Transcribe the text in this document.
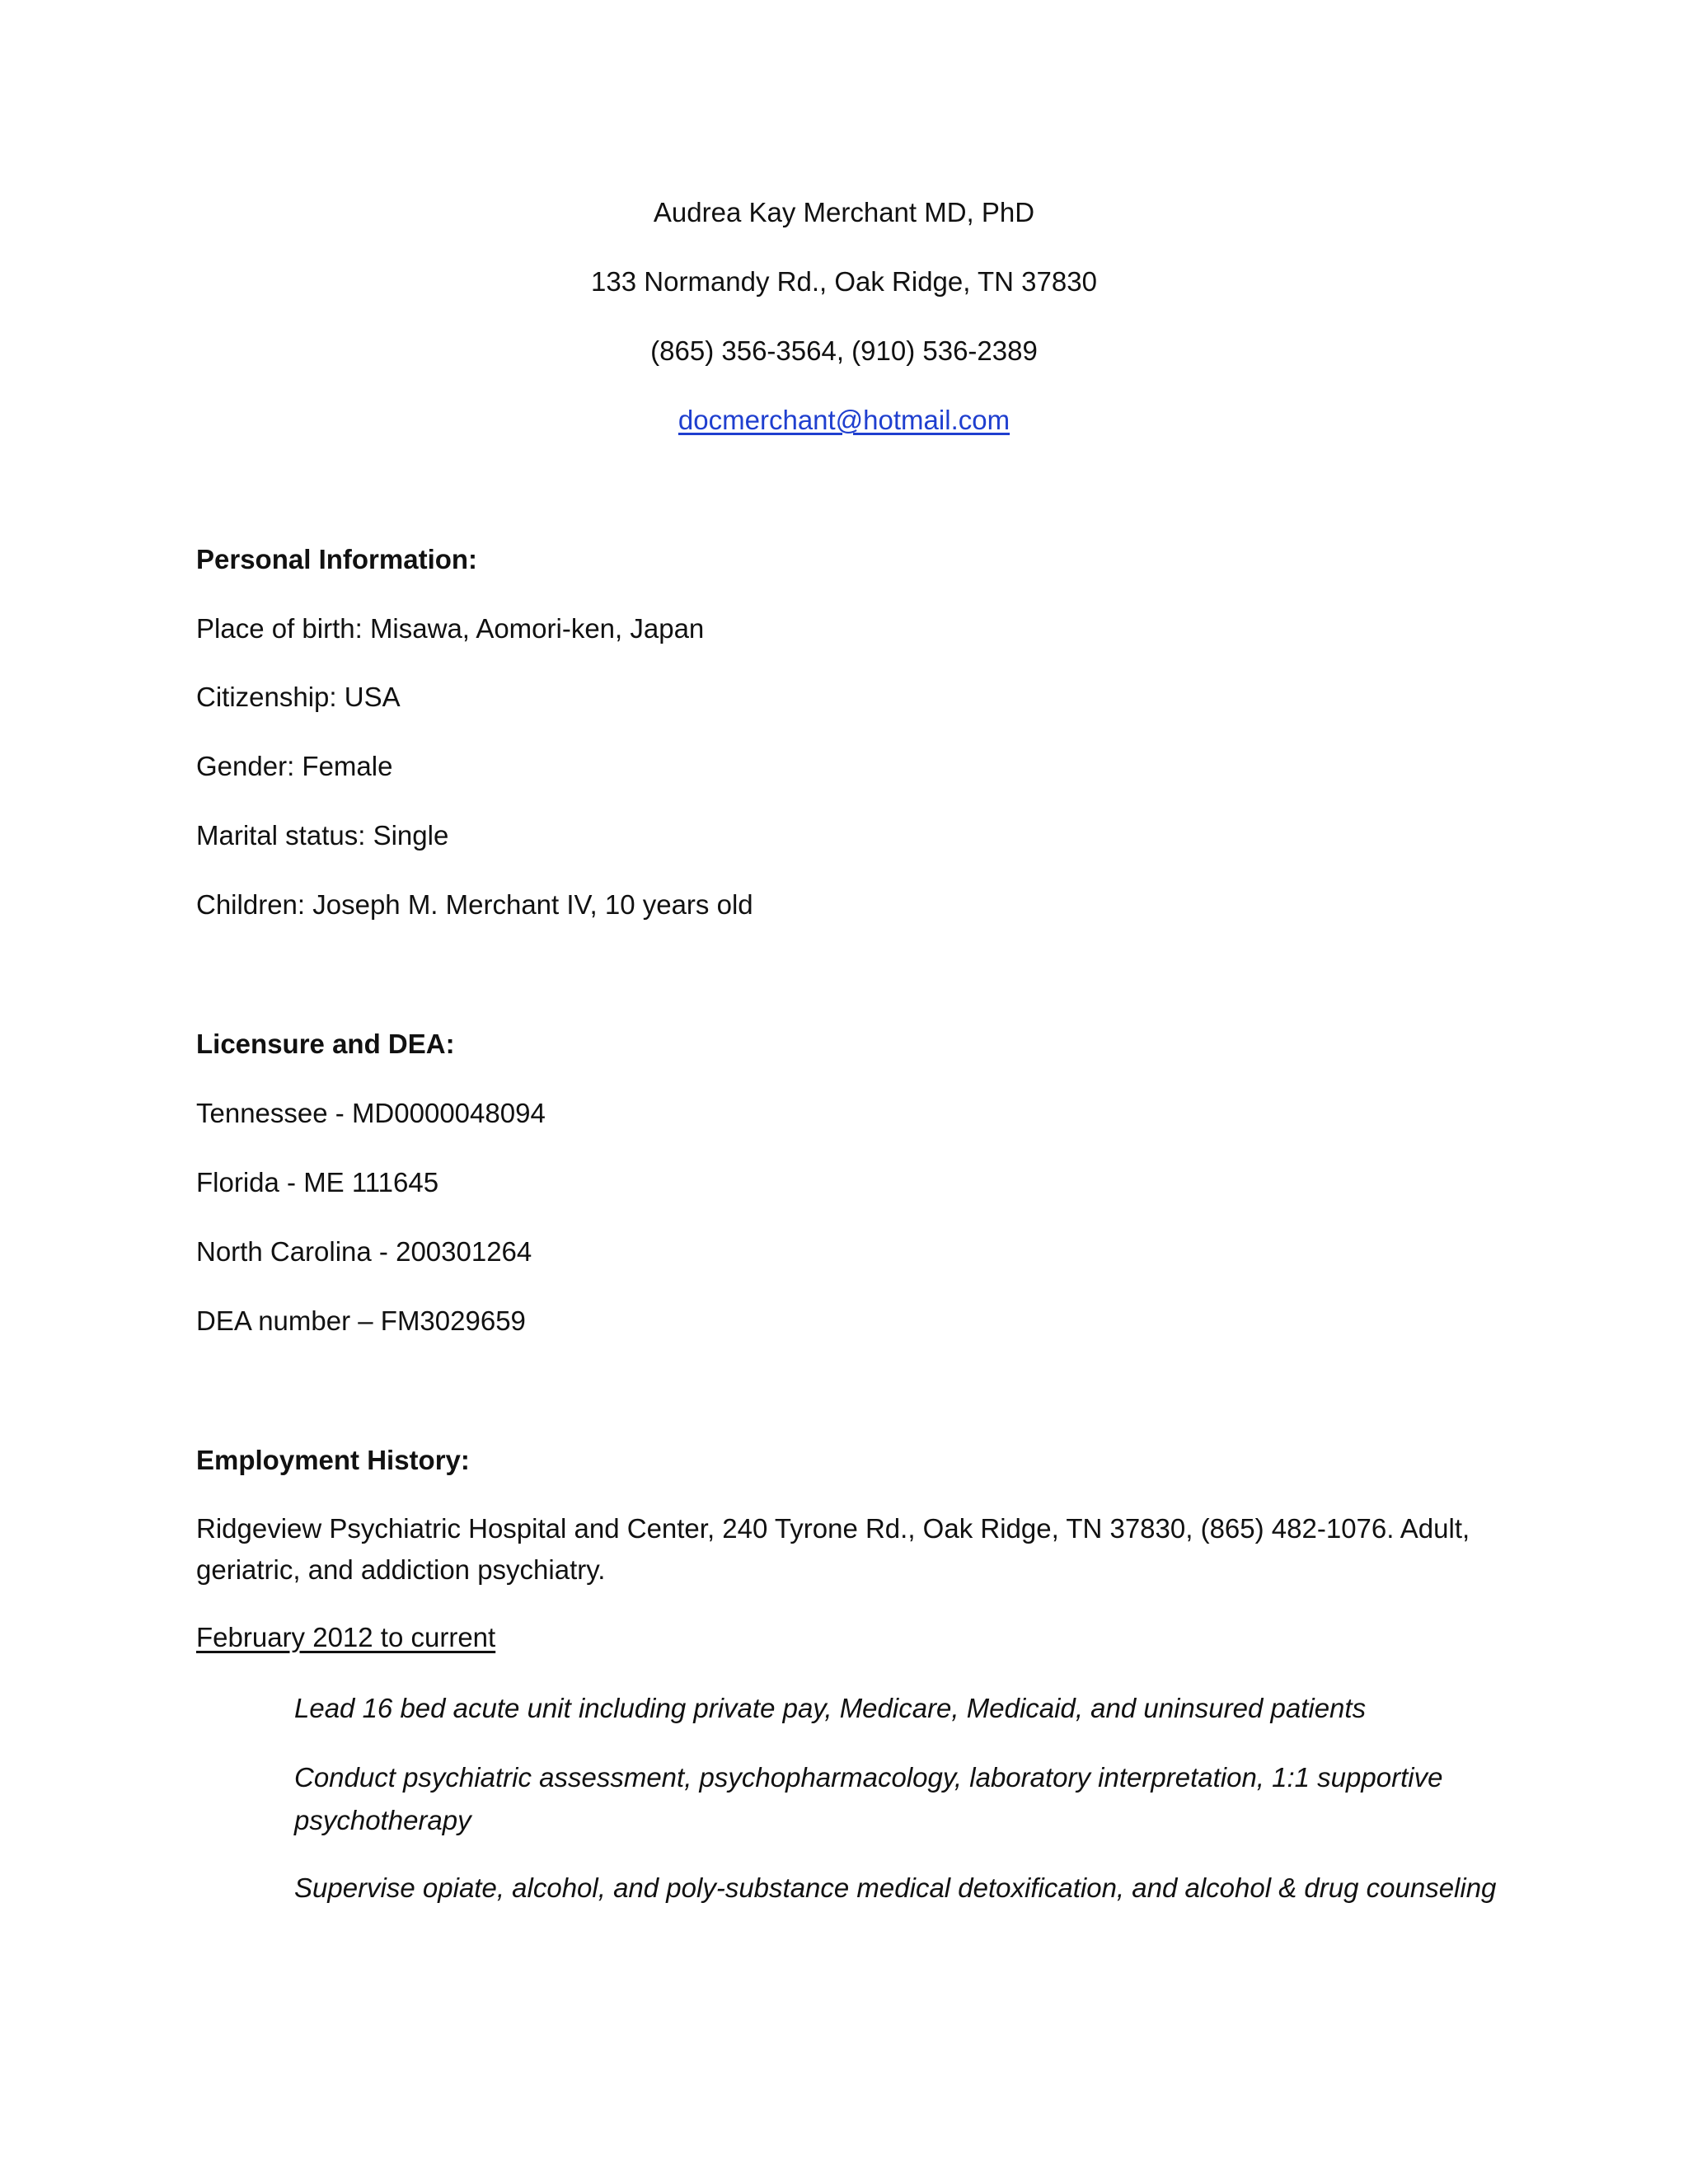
Audrea Kay Merchant MD, PhD
133 Normandy Rd., Oak Ridge, TN 37830
(865) 356-3564, (910) 536-2389
docmerchant@hotmail.com
Personal Information:
Place of birth: Misawa, Aomori-ken, Japan
Citizenship: USA
Gender: Female
Marital status: Single
Children: Joseph M. Merchant IV, 10 years old
Licensure and DEA:
Tennessee - MD0000048094
Florida - ME 111645
North Carolina - 200301264
DEA number – FM3029659
Employment History:
Ridgeview Psychiatric Hospital and Center, 240 Tyrone Rd., Oak Ridge, TN 37830, (865) 482-1076. Adult, geriatric, and addiction psychiatry.
February 2012 to current
Lead 16 bed acute unit including private pay, Medicare, Medicaid, and uninsured patients
Conduct psychiatric assessment, psychopharmacology, laboratory interpretation, 1:1 supportive psychotherapy
Supervise opiate, alcohol, and poly-substance medical detoxification, and alcohol & drug counseling
